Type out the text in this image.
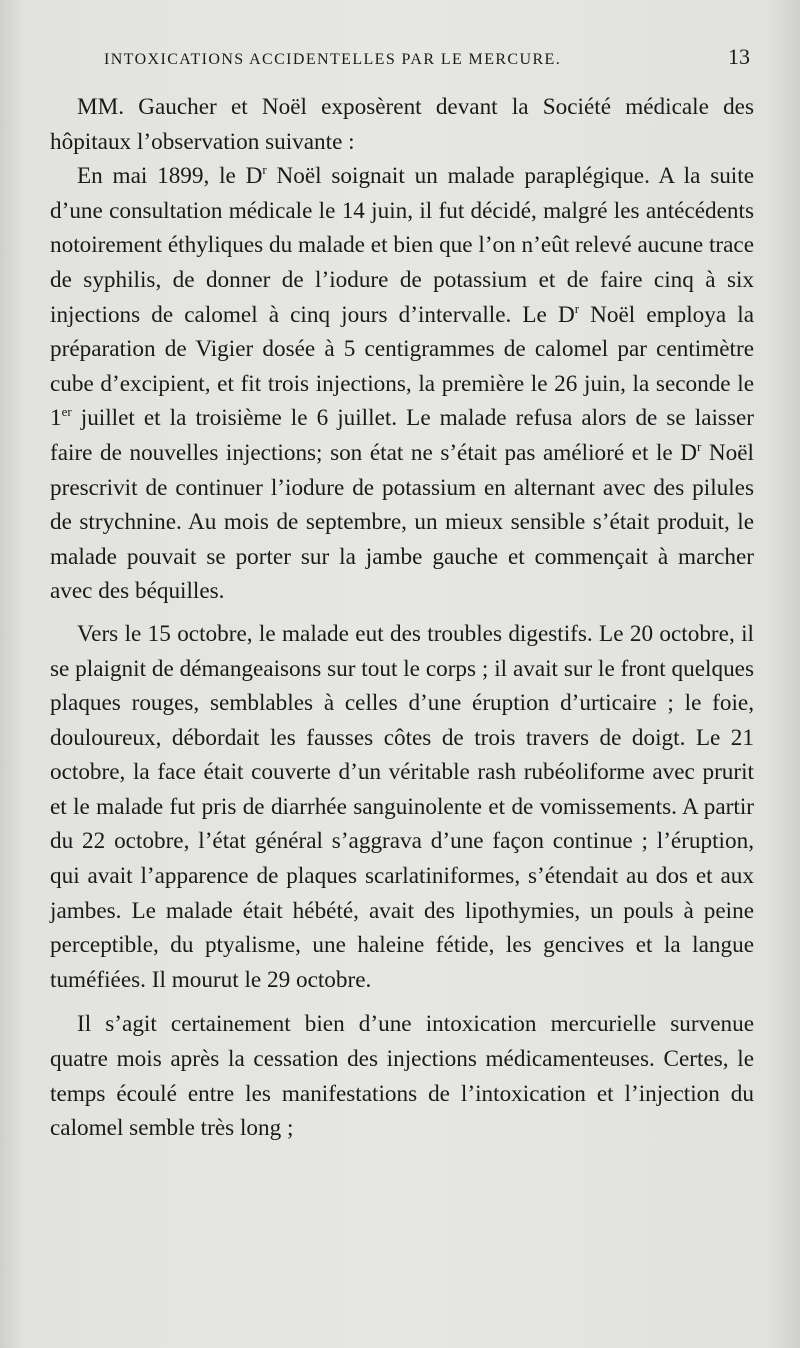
INTOXICATIONS ACCIDENTELLES PAR LE MERCURE.	13

MM. Gaucher et Noël exposèrent devant la Société médicale des hôpitaux l’observation suivante :

En mai 1899, le $D^r$ Noël soignait un malade paraplégique. A la suite d’une consultation médicale le 14 juin, il fut décidé, malgré les antécédents notoirement éthyliques du malade et bien que l’on n’eût relevé aucune trace de syphilis, de donner de l’iodure de potassium et de faire cinq à six injections de calomel à cinq jours d’intervalle. Le $D^r$ Noël employa la préparation de Vigier dosée à 5 centigrammes de calomel par centimètre cube d’excipient, et fit trois injections, la première le 26 juin, la seconde le 1er juillet et la troisième le 6 juillet. Le malade refusa alors de se laisser faire de nouvelles injections; son état ne s’était pas amélioré et le $D^r$ Noël prescrivit de continuer l’iodure de potassium en alternant avec des pilules de strychnine. Au mois de septembre, un mieux sensible s’était produit, le malade pouvait se porter sur la jambe gauche et commençait à marcher avec des béquilles.

Vers le 15 octobre, le malade eut des troubles digestifs. Le 20 octobre, il se plaignit de démangeaisons sur tout le corps ; il avait sur le front quelques plaques rouges, semblables à celles d’une éruption d’urticaire ; le foie, douloureux, débordait les fausses côtes de trois travers de doigt. Le 21 octobre, la face était couverte d’un véritable rash rubéoliforme avec prurit et le malade fut pris de diarrhée sanguinolente et de vomissements. A partir du 22 octobre, l’état général s’aggrava d’une façon continue ; l’éruption, qui avait l’apparence de plaques scarlatiniformes, s’étendait au dos et aux jambes. Le malade était hébété, avait des lipothymies, un pouls à peine perceptible, du ptyalisme, une haleine fétide, les gencives et la langue tuméfiées. Il mourut le 29 octobre.

Il s’agit certainement bien d’une intoxication mercurielle survenue quatre mois après la cessation des injections médicamenteuses. Certes, le temps écoulé entre les manifestations de l’intoxication et l’injection du calomel semble très long ;
